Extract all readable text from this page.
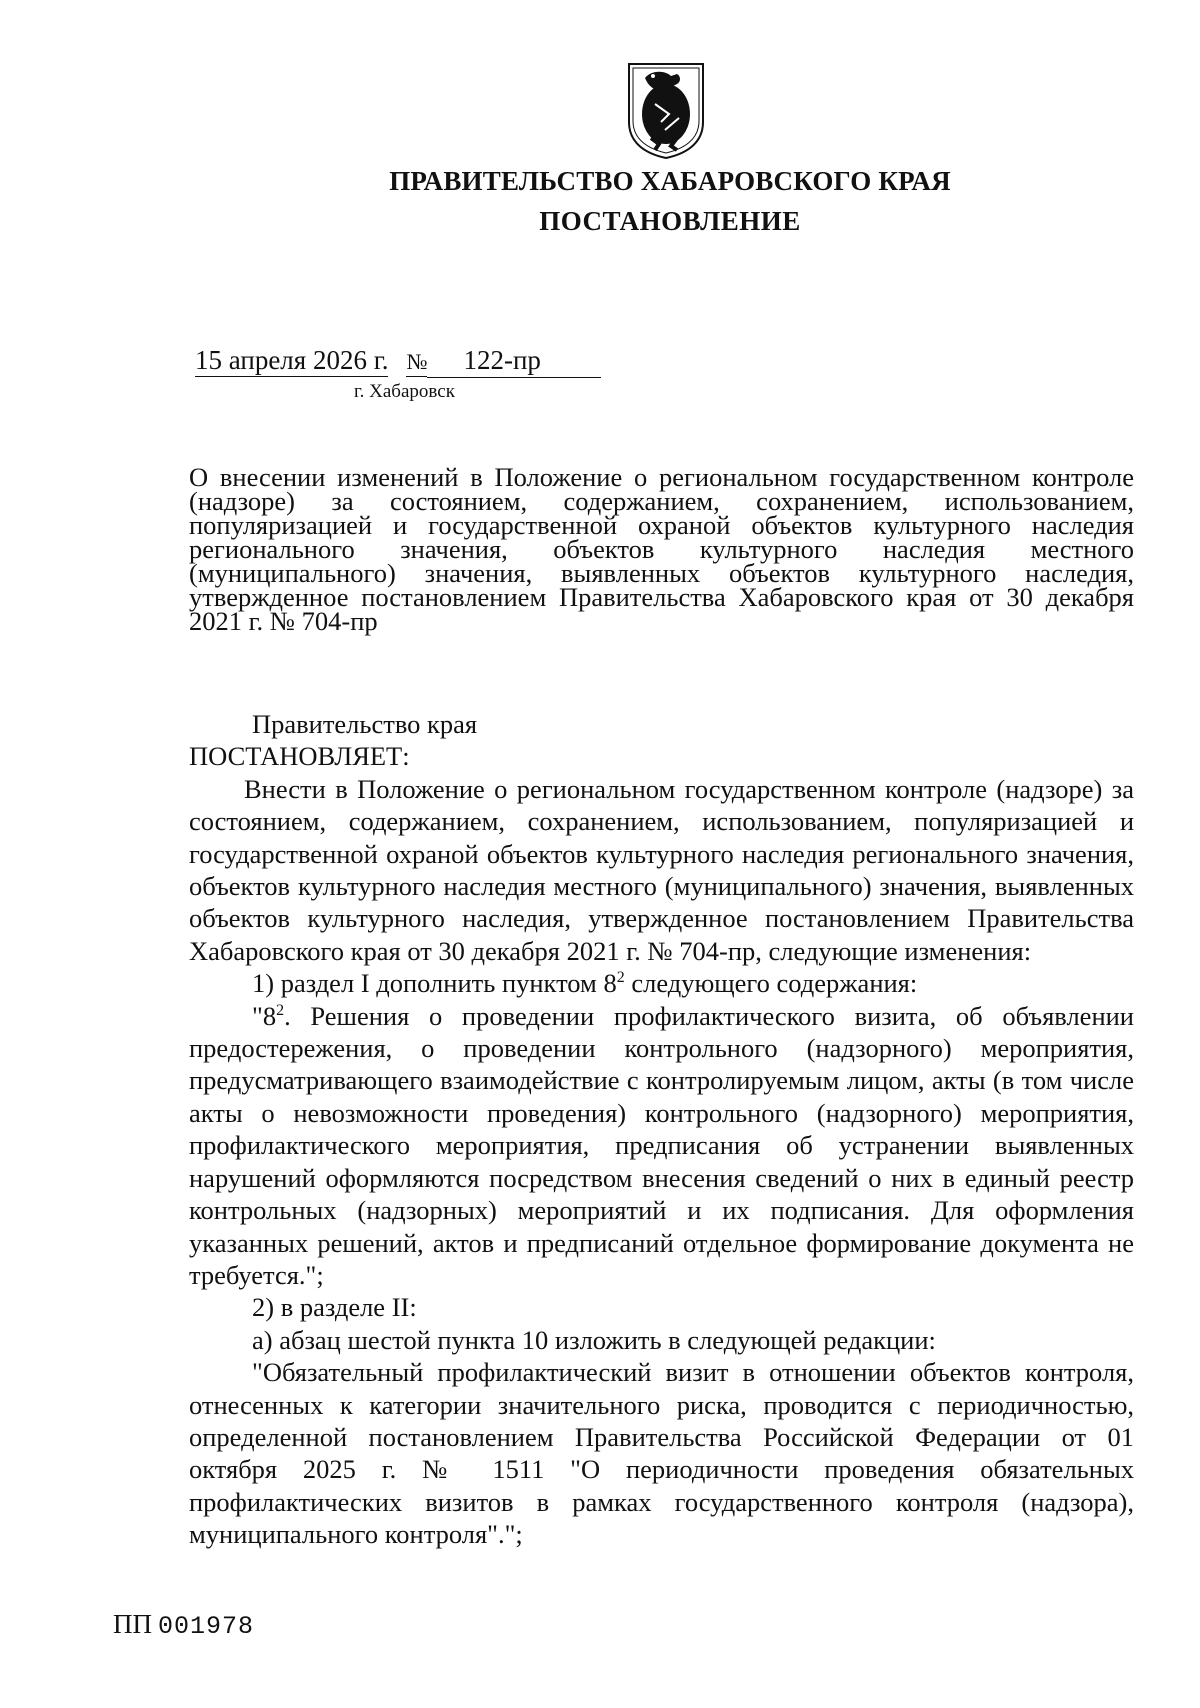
ПРАВИТЕЛЬСТВО ХАБАРОВСКОГО КРАЯ
ПОСТАНОВЛЕНИЕ
15 апреля 2026 г. № 122-пр
г. Хабаровск
О внесении изменений в Положение о региональном государственном контроле (надзоре) за состоянием, содержанием, сохранением, использованием, популяризацией и государственной охраной объектов культурного наследия регионального значения, объектов культурного наследия местного (муниципального) значения, выявленных объектов культурного наследия, утвержденное постановлением Правительства Хабаровского края от 30 декабря 2021 г. № 704-пр

Правительство края

ПОСТАНОВЛЯЕТ:

Внести в Положение о региональном государственном контроле (надзоре) за состоянием, содержанием, сохранением, использованием, популяризацией и государственной охраной объектов культурного наследия регионального значения, объектов культурного наследия местного (муниципального) значения, выявленных объектов культурного наследия, утвержденное постановлением Правительства Хабаровского края от 30 декабря 2021 г. № 704-пр, следующие изменения:

1) раздел I дополнить пунктом $8^2$ следующего содержания:

"$8^2$. Решения о проведении профилактического визита, об объявлении предостережения, о проведении контрольного (надзорного) мероприятия, предусматривающего взаимодействие с контролируемым лицом, акты (в том числе акты о невозможности проведения) контрольного (надзорного) мероприятия, профилактического мероприятия, предписания об устранении выявленных нарушений оформляются посредством внесения сведений о них в единый реестр контрольных (надзорных) мероприятий и их подписания. Для оформления указанных решений, актов и предписаний отдельное формирование документа не требуется.";

2) в разделе II:

а) абзац шестой пункта 10 изложить в следующей редакции:

"Обязательный профилактический визит в отношении объектов контроля, отнесенных к категории значительного риска, проводится с периодичностью, определенной постановлением Правительства Российской Федерации от 01 октября 2025 г. № 1511 "О периодичности проведения обязательных профилактических визитов в рамках государственного контроля (надзора), муниципального контроля".";

ПП 001978
